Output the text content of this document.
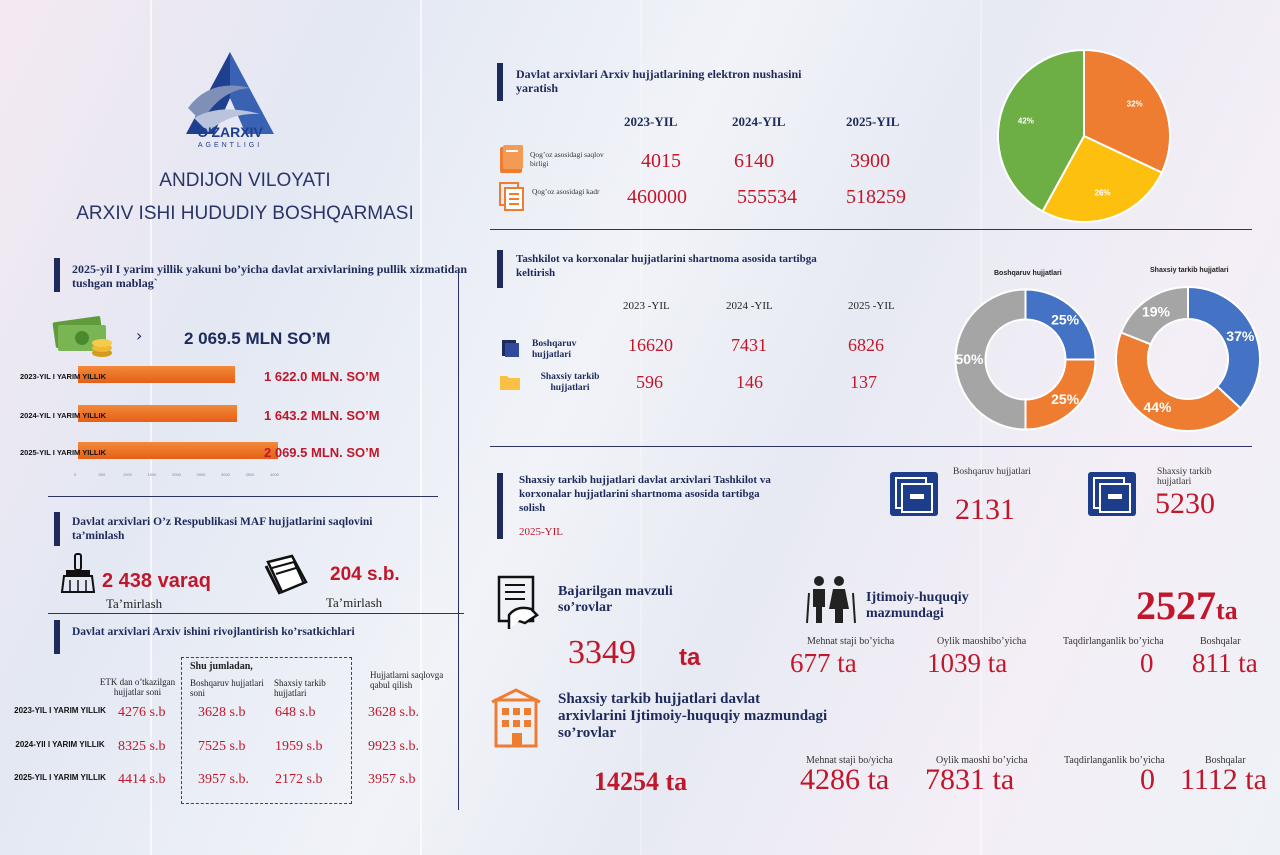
O'ZARXIV
AGENTLIGI
ANDIJON VILOYATI
ARXIV ISHI HUDUDIY BOSHQARMASI
2025-yil I yarim yillik yakuni bo’yicha davlat arxivlarining pullik xizmatidan tushgan mablag`
› 2 069.5 MLN SO’M
2023-YIL I YARIM YILLIK	1 622.0 MLN. SO’M
2024-YIL I YARIM YILLIK	1 643.2 MLN. SO’M
2025-YIL I YARIM YILLIK	2 069.5 MLN. SO’M
0	500	1000	1500	2000	2500	3000	3500	4000
Davlat arxivlari O’z Respublikasi MAF hujjatlarini saqlovini ta’minlash
2 438 varaq
Ta’mirlash
204 s.b.
Ta’mirlash
Davlat arxivlari Arxiv ishini rivojlantirish ko’rsatkichlari
ETK dan o’tkazilgan hujjatlar soni
Shu jumladan,
Boshqaruv hujjatlari soni
Shaxsiy tarkib hujjatlari
Hujjatlarni saqlovga qabul qilish
2023-YIL I YARIM YILLIK 4276 s.b 3628 s.b 648 s.b	3628 s.b.
2024-YIl I YARIM YILLIK 8325 s.b 7525 s.b 1959 s.b	9923 s.b.
2025-YIL I YARIM YILLIK 4414 s.b 3957 s.b. 2172 s.b	3957 s.b
Davlat arxivlari Arxiv hujjatlarining elektron nushasini yaratish
2023-YIL	2024-YIL	2025-YIL
Qog’oz asosidagi saqlov birligi
Qog’oz asosidagi kadr
4015	6140	3900
460000	555534 518259
32%
26%
42%
Tashkilot va korxonalar hujjatlarini shartnoma asosida tartibga keltirish
2023 -YIL	2024 -YIL	2025 -YIL
Boshqaruv hujjatlari
Shaxsiy tarkib hujjatlari
16620	7431	6826
596	146	137
Boshqaruv hujjatlari
25%
25%
50%
Shaxsiy tarkib hujjatlari
37%
44%
19%
Shaxsiy tarkib hujjatlari davlat arxivlari Tashkilot va korxonalar hujjatlarini shartnoma asosida tartibga solish
2025-YIL
Boshqaruv hujjatlari
2131
Shaxsiy tarkib hujjatlari
5230
Bajarilgan mavzuli so’rovlar
3349 ta
Ijtimoiy-huquqiy mazmundagi	2527ta
Mehnat staji bo’yicha
677 ta
Oylik maoshibo’yicha
1039 ta
Taqdirlanganlik bo’yicha
0
Boshqalar
811 ta
Shaxsiy tarkib hujjatlari davlat arxivlarini Ijtimoiy-huquqiy mazmundagi so’rovlar
14254 ta
Mehnat staji bo/yicha
4286 ta
Oylik maoshi bo’yicha
7831 ta
Taqdirlanganlik bo’yicha
0
Boshqalar
1112 ta
